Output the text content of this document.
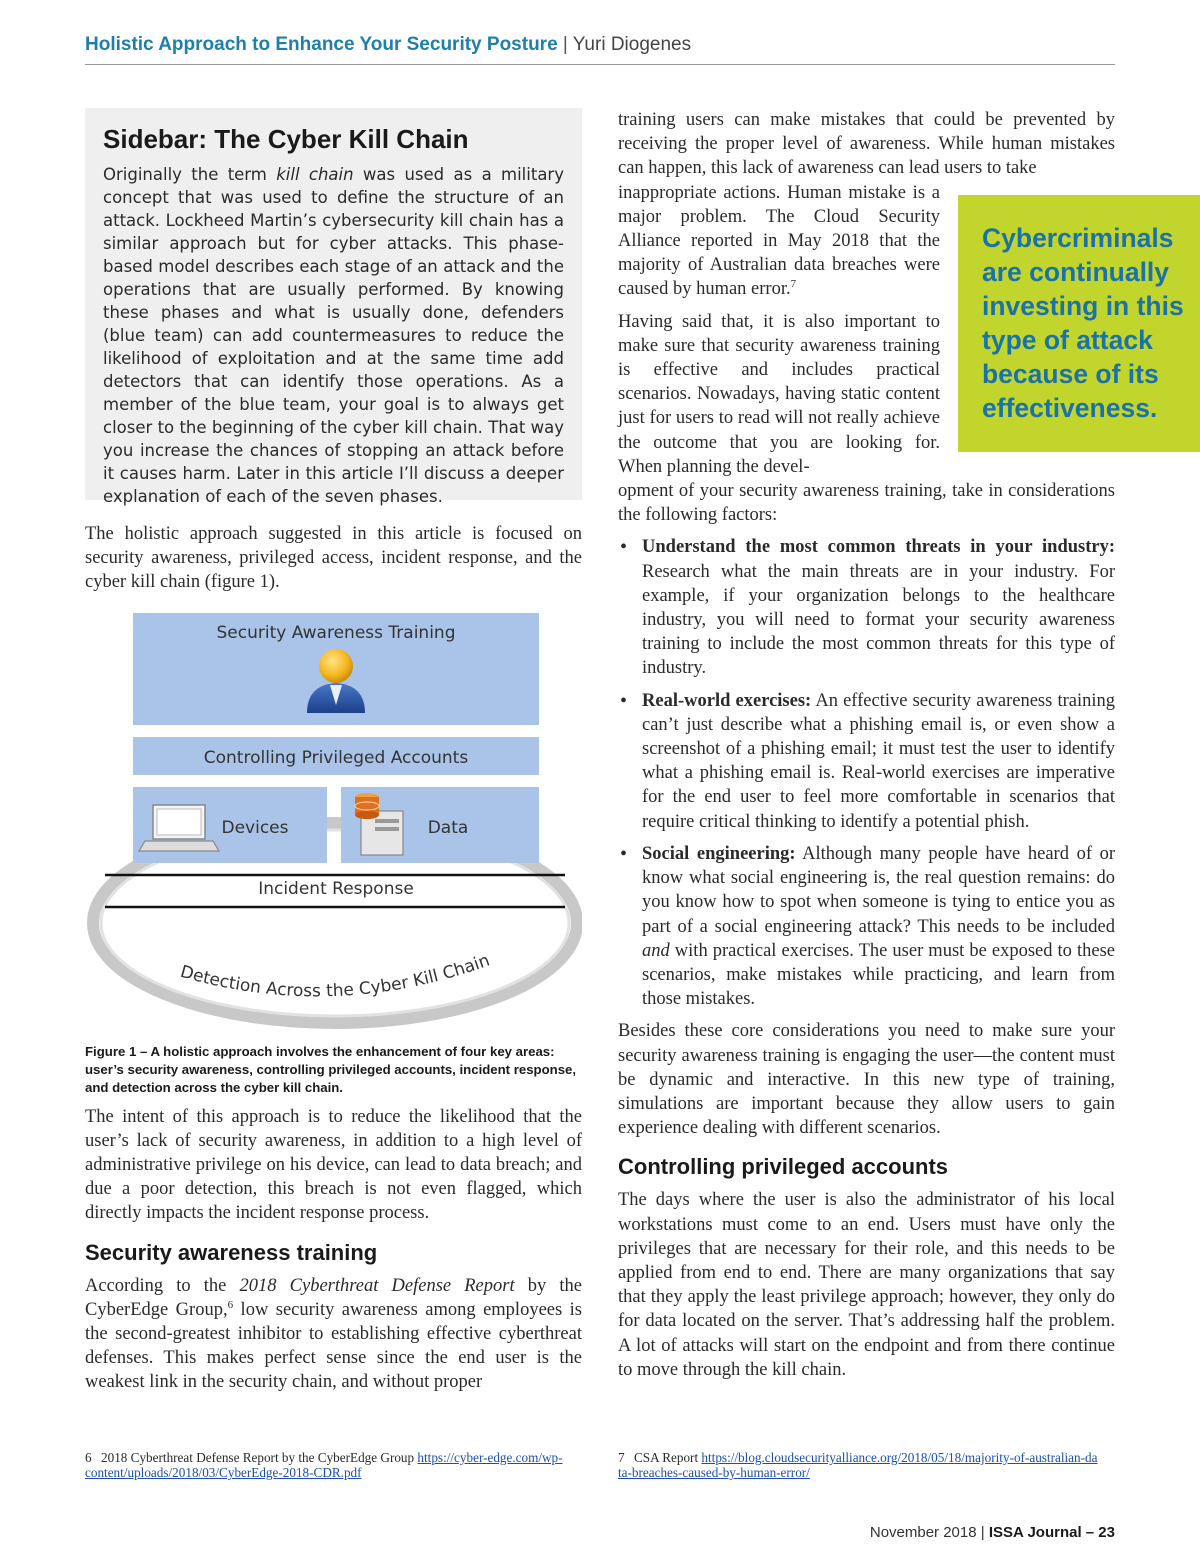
Holistic Approach to Enhance Your Security Posture | Yuri Diogenes
Sidebar: The Cyber Kill Chain

Originally the term kill chain was used as a military concept that was used to define the structure of an attack. Lockheed Martin’s cybersecurity kill chain has a similar approach but for cyber attacks. This phase-based model describes each stage of an attack and the operations that are usually performed. By knowing these phases and what is usually done, defenders (blue team) can add countermeasures to reduce the likelihood of exploitation and at the same time add detectors that can identify those operations. As a member of the blue team, your goal is to always get closer to the beginning of the cyber kill chain. That way you increase the chances of stopping an attack before it causes harm. Later in this article I’ll discuss a deeper explanation of each of the seven phases.

The holistic approach suggested in this article is focused on security awareness, privileged access, incident response, and the cyber kill chain (figure 1).

Security Awareness Training
Controlling Privileged Accounts
Devices	Data
Incident Response
Detection Across the Cyber Kill Chain
Figure 1 – A holistic approach involves the enhancement of four key areas: user’s security awareness, controlling privileged accounts, incident response, and detection across the cyber kill chain.

The intent of this approach is to reduce the likelihood that the user’s lack of security awareness, in addition to a high level of administrative privilege on his device, can lead to data breach; and due a poor detection, this breach is not even flagged, which directly impacts the incident response process.

Security awareness training

According to the 2018 Cyberthreat Defense Report by the CyberEdge Group,$^6$ low security awareness among employees is the second-greatest inhibitor to establishing effective cyberthreat defenses. This makes perfect sense since the end user is the weakest link in the security chain, and without proper

training users can make mistakes that could be prevented by receiving the proper level of awareness. While human mistakes can happen, this lack of awareness can lead users to take

inappropriate actions. Human mistake is a major problem. The Cloud Security Alliance reported in May 2018 that the majority of Australian data breaches were caused by human error.$^7$

Having said that, it is also important to make sure that security awareness training is effective and includes practical scenarios. Nowadays, having static content just for users to read will not really achieve the outcome that you are looking for. When planning the devel-

opment of your security awareness training, take in considerations the following factors:

• Understand the most common threats in your industry: Research what the main threats are in your industry. For example, if your organization belongs to the healthcare industry, you will need to format your security awareness training to include the most common threats for this type of industry.
• Real-world exercises: An effective security awareness training can’t just describe what a phishing email is, or even show a screenshot of a phishing email; it must test the user to identify what a phishing email is. Real-world exercises are imperative for the end user to feel more comfortable in scenarios that require critical thinking to identify a potential phish.
• Social engineering: Although many people have heard of or know what social engineering is, the real question remains: do you know how to spot when someone is tying to entice you as part of a social engineering attack? This needs to be included and with practical exercises. The user must be exposed to these scenarios, make mistakes while practicing, and learn from those mistakes.

Besides these core considerations you need to make sure your security awareness training is engaging the user—the content must be dynamic and interactive. In this new type of training, simulations are important because they allow users to gain experience dealing with different scenarios.

Controlling privileged accounts

The days where the user is also the administrator of his local workstations must come to an end. Users must have only the privileges that are necessary for their role, and this needs to be applied from end to end. There are many organizations that say that they apply the least privilege approach; however, they only do for data located on the server. That’s addressing half the problem. A lot of attacks will start on the endpoint and from there continue to move through the kill chain.

Cybercriminals are continually investing in this type of attack because of its effectiveness.
6 2018 Cyberthreat Defense Report by the CyberEdge Group https://cyber-edge.com/wp-content/uploads/2018/03/CyberEdge-2018-CDR.pdf
7 CSA Report https://blog.cloudsecurityalliance.org/2018/05/18/majority-of-australian-data-breaches-caused-by-human-error/
November 2018 | ISSA Journal – 23
